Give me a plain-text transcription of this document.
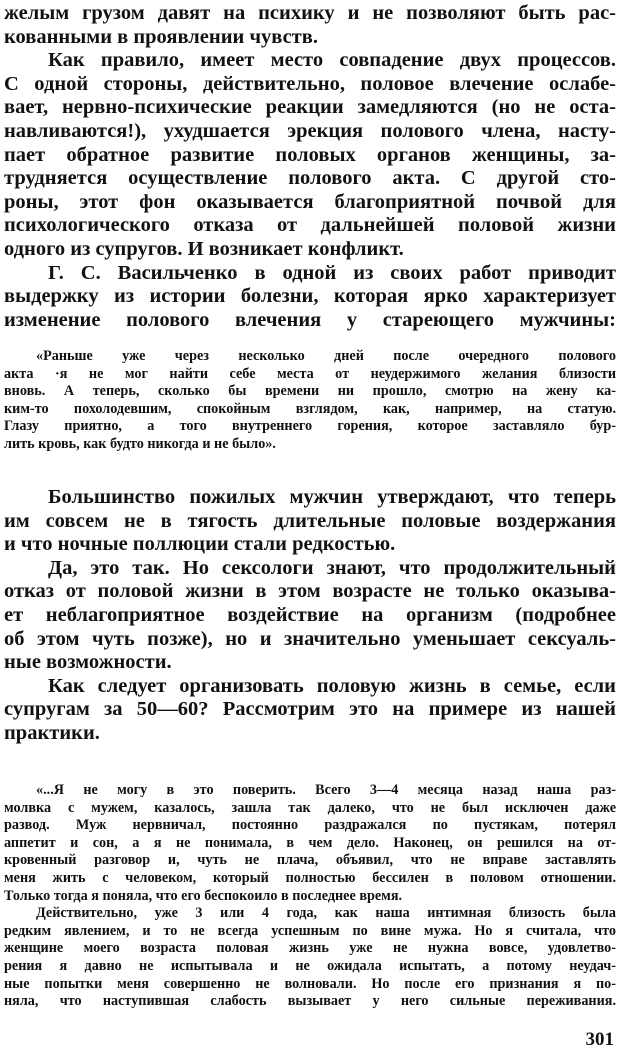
желым грузом давят на психику и не позволяют быть рас-
кованными в проявлении чувств.
Как правило, имеет место совпадение двух процессов.
С одной стороны, действительно, половое влечение ослабе-
вает, нервно-психические реакции замедляются (но не оста-
навливаются!), ухудшается эрекция полового члена, насту-
пает обратное развитие половых органов женщины, за-
трудняется осуществление полового акта. С другой сто-
роны, этот фон оказывается благоприятной почвой для
психологического отказа от дальнейшей половой жизни
одного из супругов. И возникает конфликт.
Г. С. Васильченко в одной из своих работ приводит
выдержку из истории болезни, которая ярко характеризует
изменение полового влечения у стареющего мужчины:
«Раньше уже через несколько дней после очередного полового
акта ·я не мог найти себе места от неудержимого желания близости
вновь. А теперь, сколько бы времени ни прошло, смотрю на жену ка-
ким-то похолодевшим, спокойным взглядом, как, например, на статую.
Глазу приятно, а того внутреннего горения, которое заставляло бур-
лить кровь, как будто никогда и не было».
Большинство пожилых мужчин утверждают, что теперь
им совсем не в тягость длительные половые воздержания
и что ночные поллюции стали редкостью.
Да, это так. Но сексологи знают, что продолжительный
отказ от половой жизни в этом возрасте не только оказыва-
ет неблагоприятное воздействие на организм (подробнее
об этом чуть позже), но и значительно уменьшает сексуаль-
ные возможности.
Как следует организовать половую жизнь в семье, если
супругам за 50—60? Рассмотрим это на примере из нашей
практики.
«...Я не могу в это поверить. Всего 3—4 месяца назад наша раз-
молвка с мужем, казалось, зашла так далеко, что не был исключен даже
развод. Муж нервничал, постоянно раздражался по пустякам, потерял
аппетит и сон, а я не понимала, в чем дело. Наконец, он решился на от-
кровенный разговор и, чуть не плача, объявил, что не вправе заставлять
меня жить с человеком, который полностью бессилен в половом отношении.
Только тогда я поняла, что его беспокоило в последнее время.
Действительно, уже 3 или 4 года, как наша интимная близость была
редким явлением, и то не всегда успешным по вине мужа. Но я считала, что
женщине моего возраста половая жизнь уже не нужна вовсе, удовлетво-
рения я давно не испытывала и не ожидала испытать, а потому неудач-
ные попытки меня совершенно не волновали. Но после его признания я по-
няла, что наступившая слабость вызывает у него сильные переживания.
301
